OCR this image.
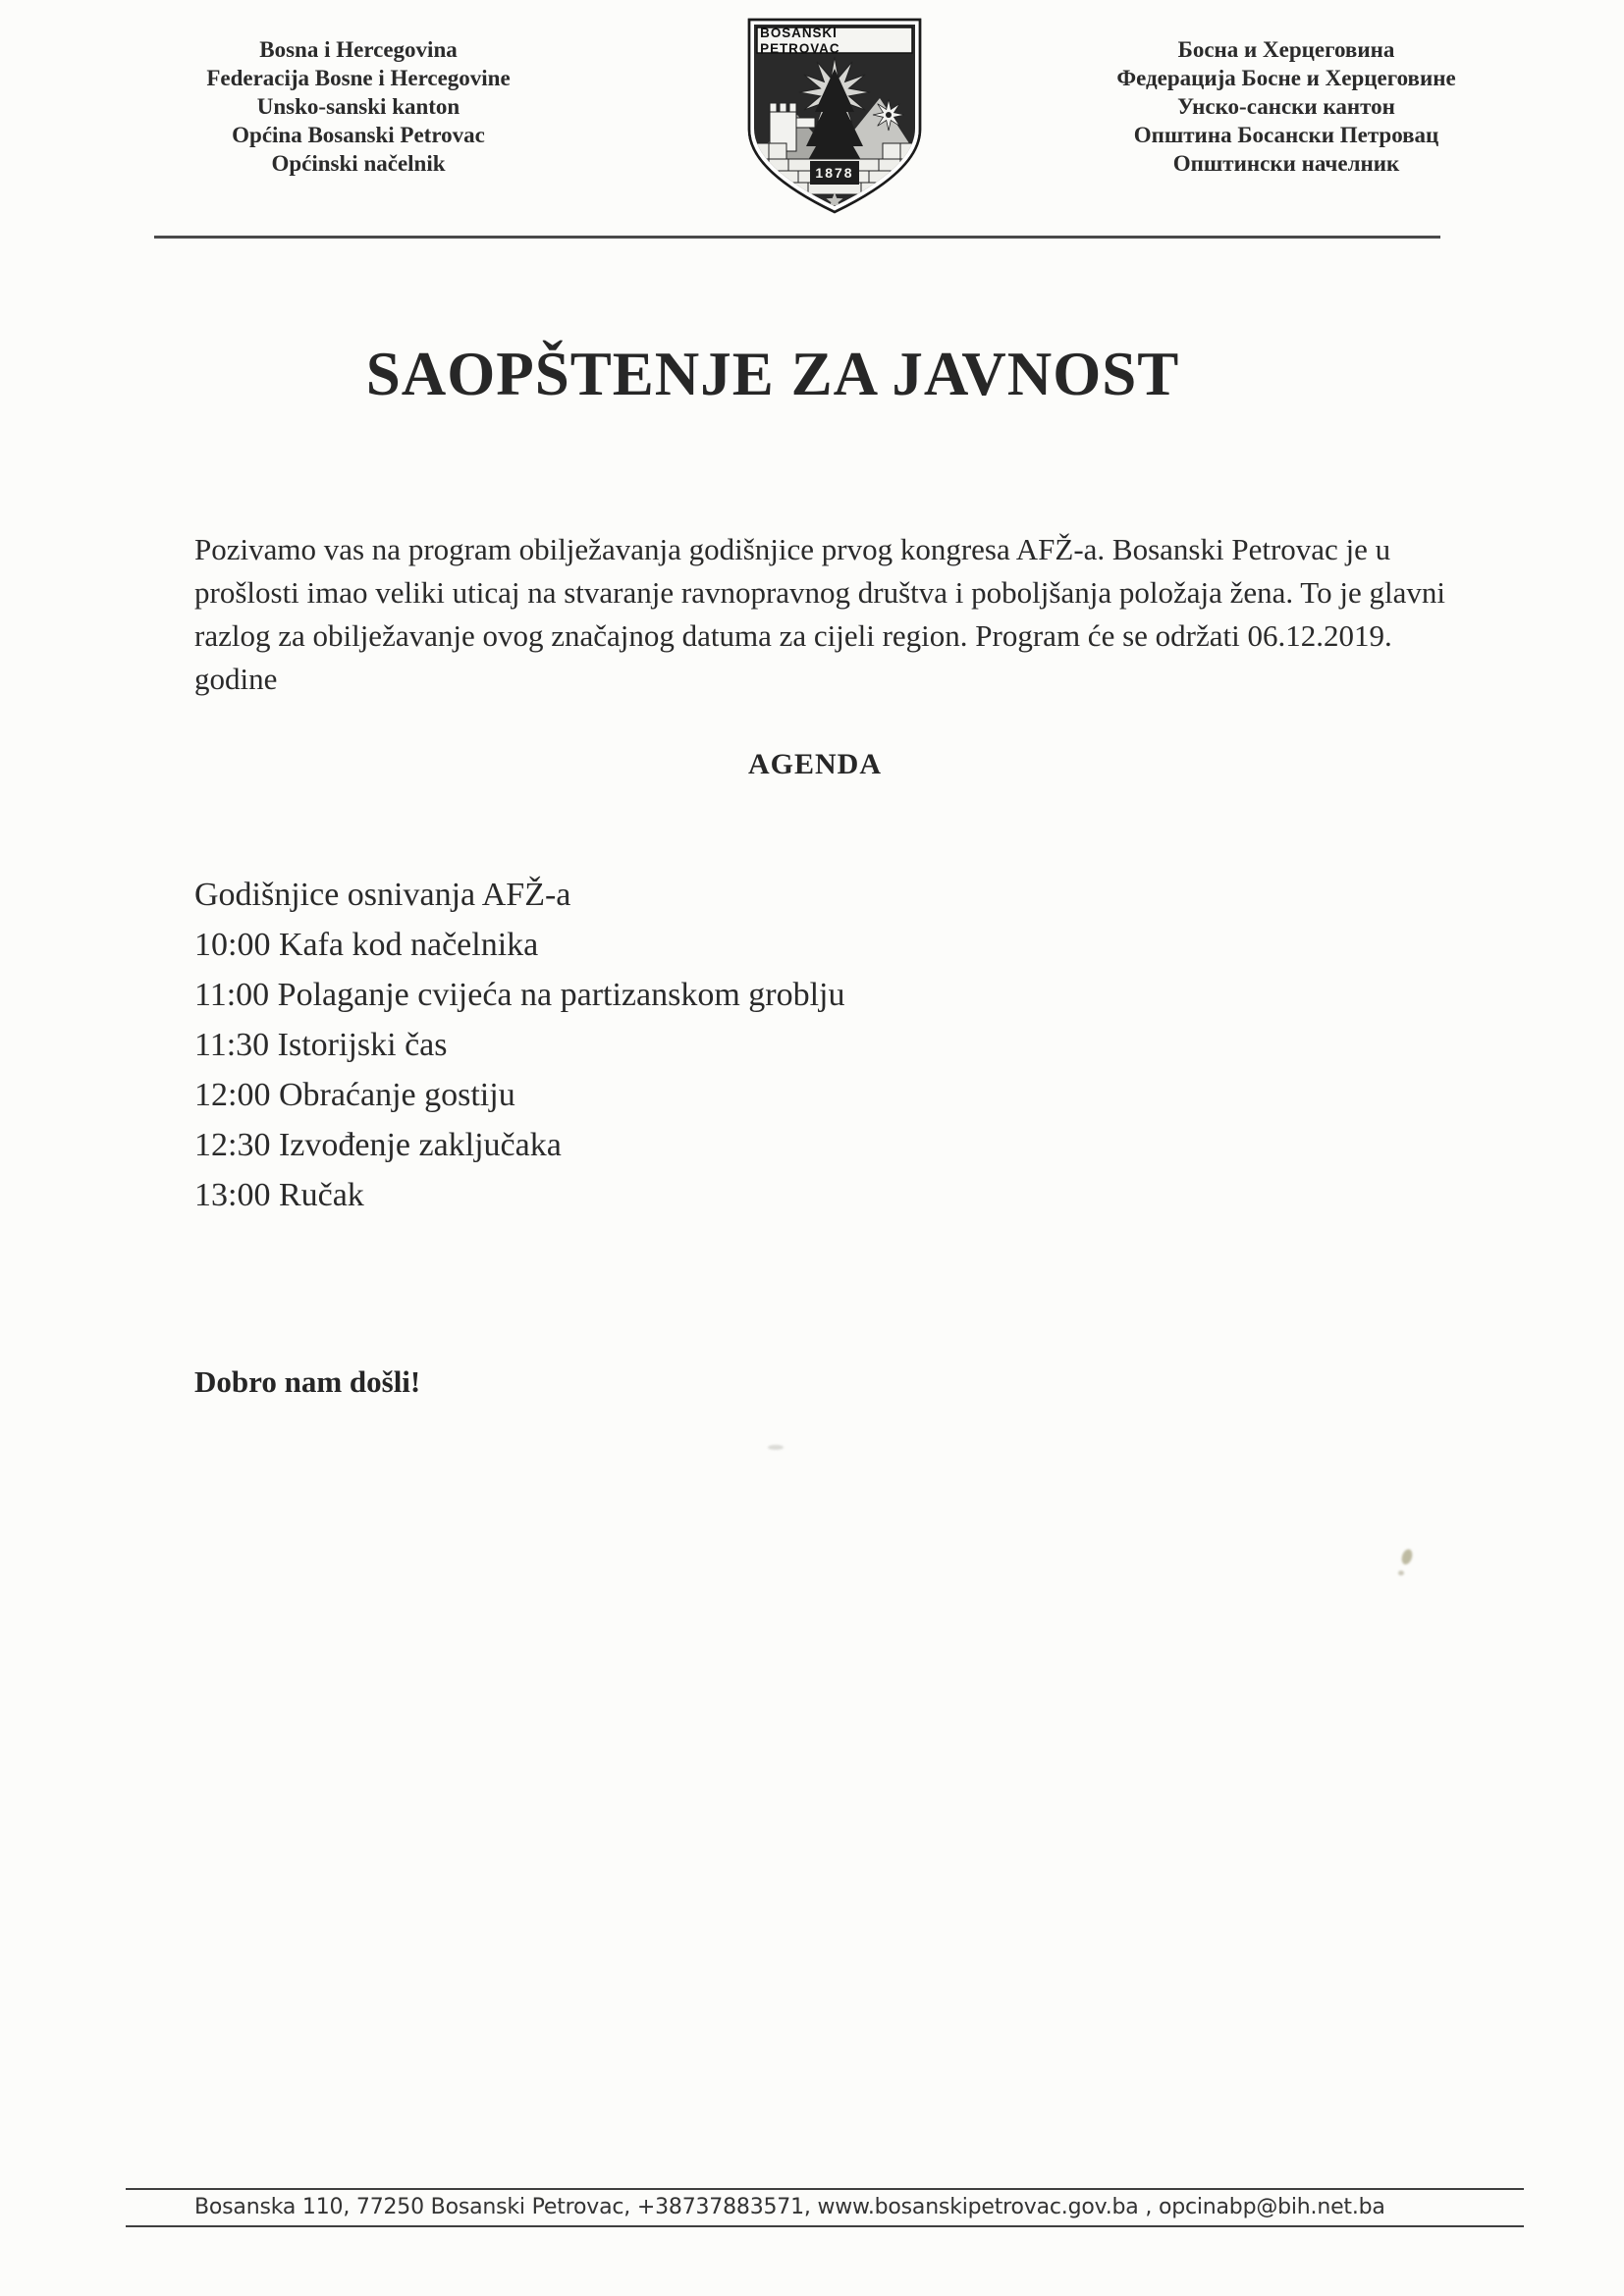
Bosna i Hercegovina
Federacija Bosne i Hercegovine
Unsko-sanski kanton
Općina Bosanski Petrovac
Općinski načelnik
BOSANSKI PETROVAC
1878
Босна и Херцеговина
Федерација Босне и Херцеговине
Унско-сански кантон
Општина Босански Петровац
Општински начелник
SAOPŠTENJE ZA JAVNOST
Pozivamo vas na program obilježavanja godišnjice prvog kongresa AFŽ-a. Bosanski Petrovac je u prošlosti imao veliki uticaj na stvaranje ravnopravnog društva i poboljšanja položaja žena. To je glavni razlog za obilježavanje ovog značajnog datuma za cijeli region. Program će se održati 06.12.2019. godine
AGENDA
Godišnjice osnivanja AFŽ-a
10:00 Kafa kod načelnika
11:00 Polaganje cvijeća na partizanskom groblju
11:30 Istorijski čas
12:00 Obraćanje gostiju
12:30 Izvođenje zaključaka
13:00 Ručak
Dobro nam došli!
Bosanska 110, 77250 Bosanski Petrovac, +38737883571, www.bosanskipetrovac.gov.ba , opcinabp@bih.net.ba
